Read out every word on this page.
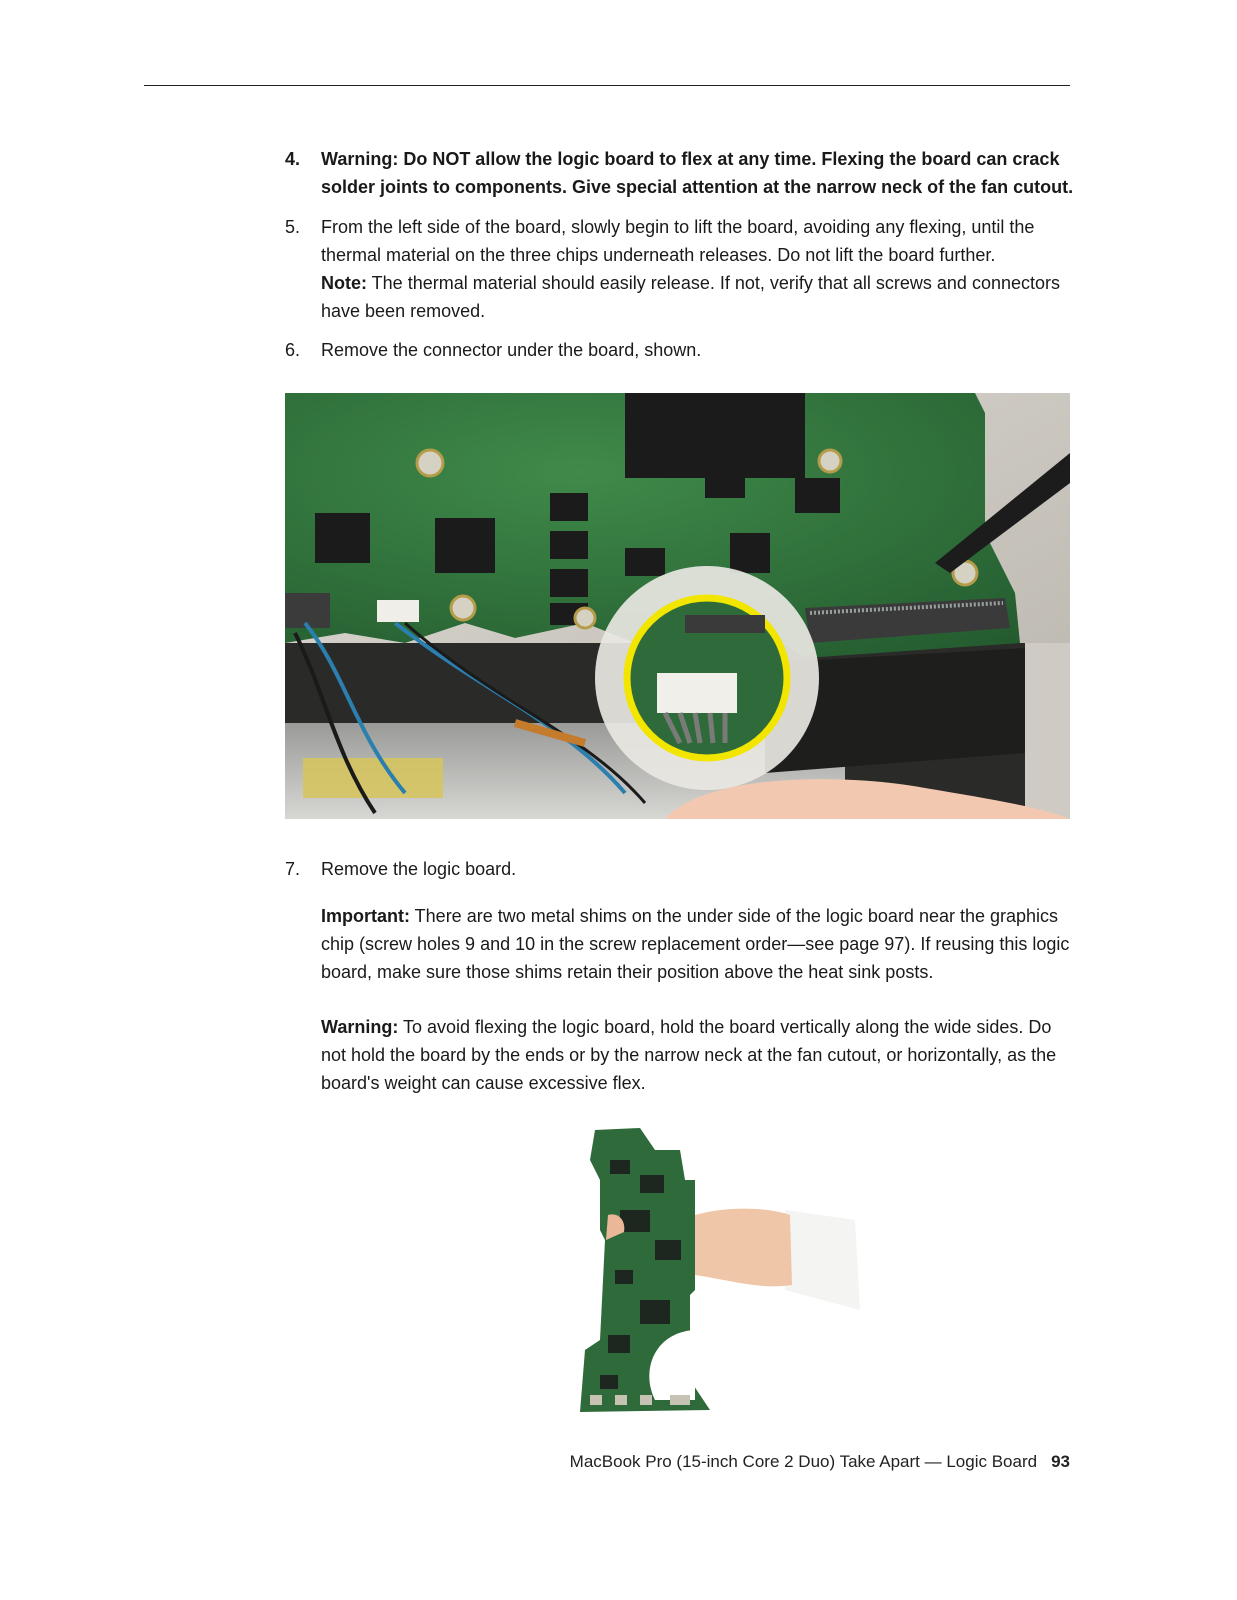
4.	Warning: Do NOT allow the logic board to flex at any time. Flexing the board can crack solder joints to components. Give special attention at the narrow neck of the fan cutout.
5.	From the left side of the board, slowly begin to lift the board, avoiding any flexing, until the thermal material on the three chips underneath releases. Do not lift the board further.
Note: The thermal material should easily release. If not, verify that all screws and connectors have been removed.
6.	Remove the connector under the board, shown.
7.	Remove the logic board.
Important: There are two metal shims on the under side of the logic board near the graphics chip (screw holes 9 and 10 in the screw replacement order—see page 97). If reusing this logic board, make sure those shims retain their position above the heat sink posts.
Warning: To avoid flexing the logic board, hold the board vertically along the wide sides. Do not hold the board by the ends or by the narrow neck at the fan cutout, or horizontally, as the board's weight can cause excessive flex.
MacBook Pro (15-inch Core 2 Duo) Take Apart — Logic Board 93
